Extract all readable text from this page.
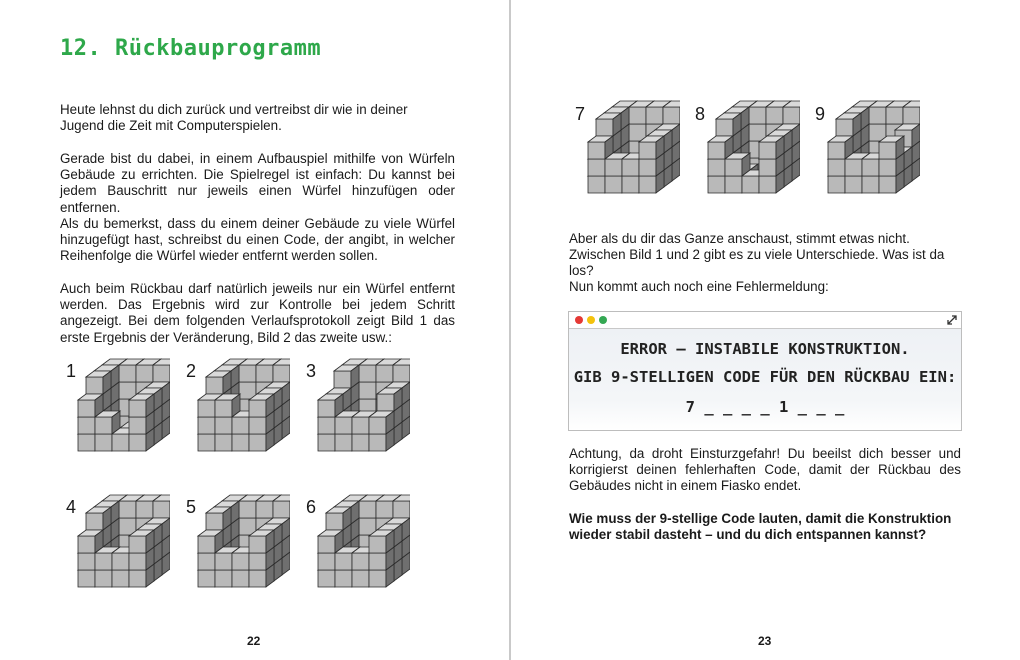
12. Rückbauprogramm

Heute lehnst du dich zurück und vertreibst dir wie in deiner Jugend die Zeit mit Computerspielen.

Gerade bist du dabei, in einem Aufbauspiel mithilfe von Würfeln Gebäude zu errichten. Die Spielregel ist einfach: Du kannst bei jedem Bauschritt nur jeweils einen Würfel hinzufügen oder entfernen.

Als du bemerkst, dass du einem deiner Gebäude zu viele Würfel hinzugefügt hast, schreibst du einen Code, der angibt, in welcher Reihenfolge die Würfel wieder entfernt werden sollen.

Auch beim Rückbau darf natürlich jeweils nur ein Würfel entfernt werden. Das Ergebnis wird zur Kontrolle bei jedem Schritt angezeigt. Bei dem folgenden Verlaufsprotokoll zeigt Bild 1 das erste Ergebnis der Veränderung, Bild 2 das zweite usw.:

1	2	3
4	5	6
22
7	8	9

Aber als du dir das Ganze anschaust, stimmt etwas nicht. Zwischen Bild 1 und 2 gibt es zu viele Unterschiede. Was ist da los?

Nun kommt auch noch eine Fehlermeldung:

ERROR – INSTABILE KONSTRUKTION.
GIB 9-STELLIGEN CODE FÜR DEN RÜCKBAU EIN:
7 _ _ _ _ 1 _ _ _

Achtung, da droht Einsturzgefahr! Du beeilst dich besser und korrigierst deinen fehlerhaften Code, damit der Rückbau des Gebäudes nicht in einem Fiasko endet.

Wie muss der 9-stellige Code lauten, damit die Konstruktion wieder stabil dasteht – und du dich entspannen kannst?

23
